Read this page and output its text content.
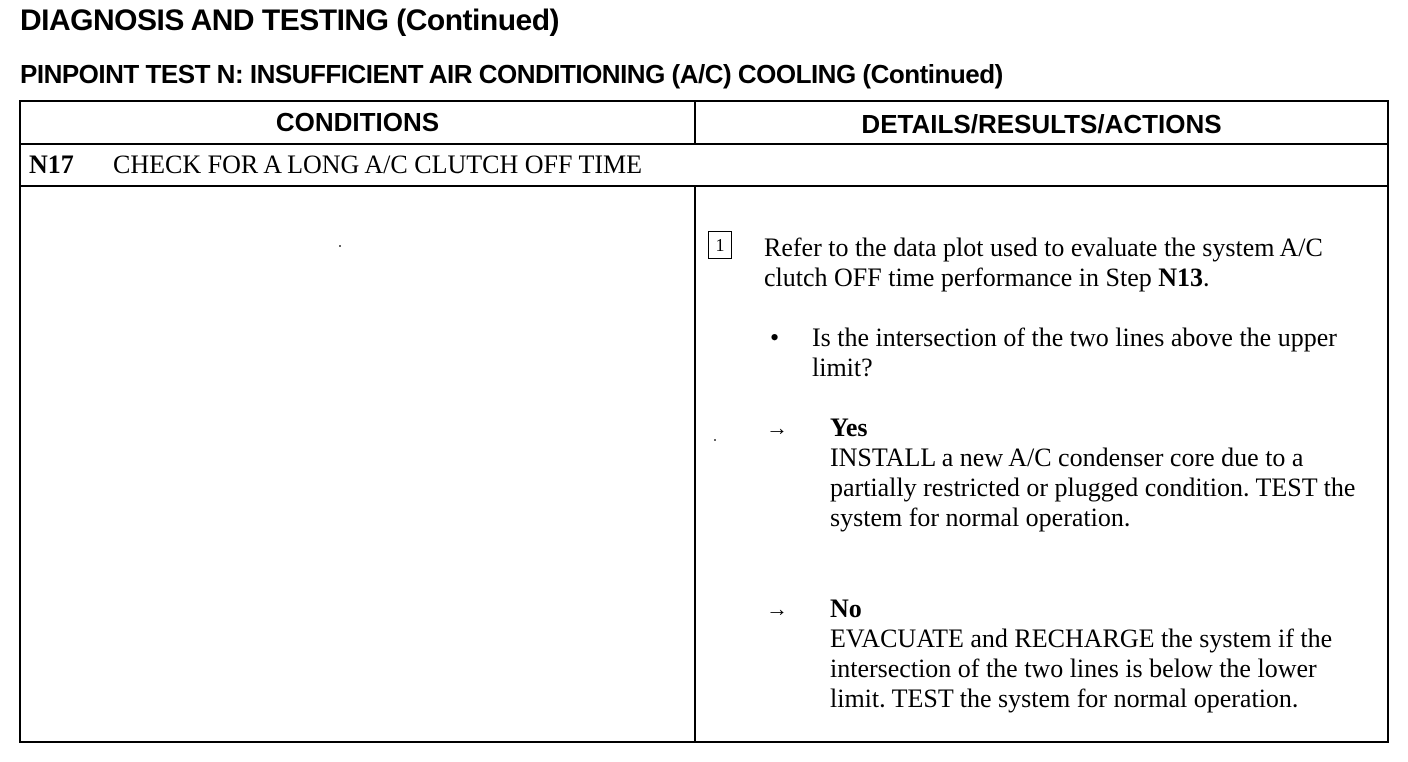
DIAGNOSIS AND TESTING (Continued)
PINPOINT TEST N: INSUFFICIENT AIR CONDITIONING (A/C) COOLING (Continued)
CONDITIONS	DETAILS/RESULTS/ACTIONS
N17 CHECK FOR A LONG A/C CLUTCH OFF TIME
1 Refer to the data plot used to evaluate the system A/C clutch OFF time performance in Step N13.
• Is the intersection of the two lines above the upper limit?
→ Yes
INSTALL a new A/C condenser core due to a partially restricted or plugged condition. TEST the system for normal operation.
→ No
EVACUATE and RECHARGE the system if the intersection of the two lines is below the lower limit. TEST the system for normal operation.
